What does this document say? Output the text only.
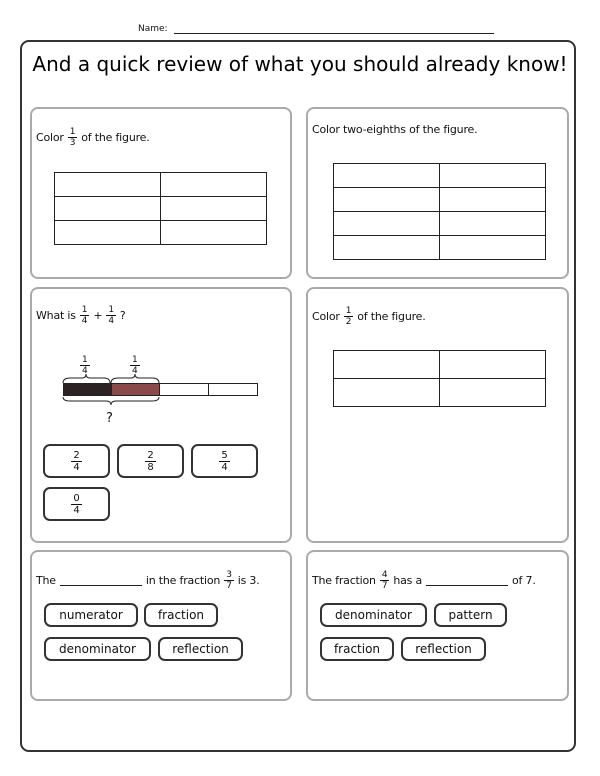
Name:
And a quick review of what you should already know!
Color $\frac{1}{3}$ of the figure.
Color two-eighths of the figure.
What is $\frac{1}{4} + \frac{1}{4}$ ?
$\frac{1}{4}$	$\frac{1}{4}$
?
$\frac{2}{4}$	$\frac{2}{8}$	$\frac{5}{4}$
$\frac{0}{4}$
Color $\frac{1}{2}$ of the figure.
The	in the fraction $\frac{3}{7}$ is 3.
numerator	fraction
denominator	reflection
The fraction $\frac{4}{7}$ has a	of 7.
denominator	pattern
fraction	reflection
